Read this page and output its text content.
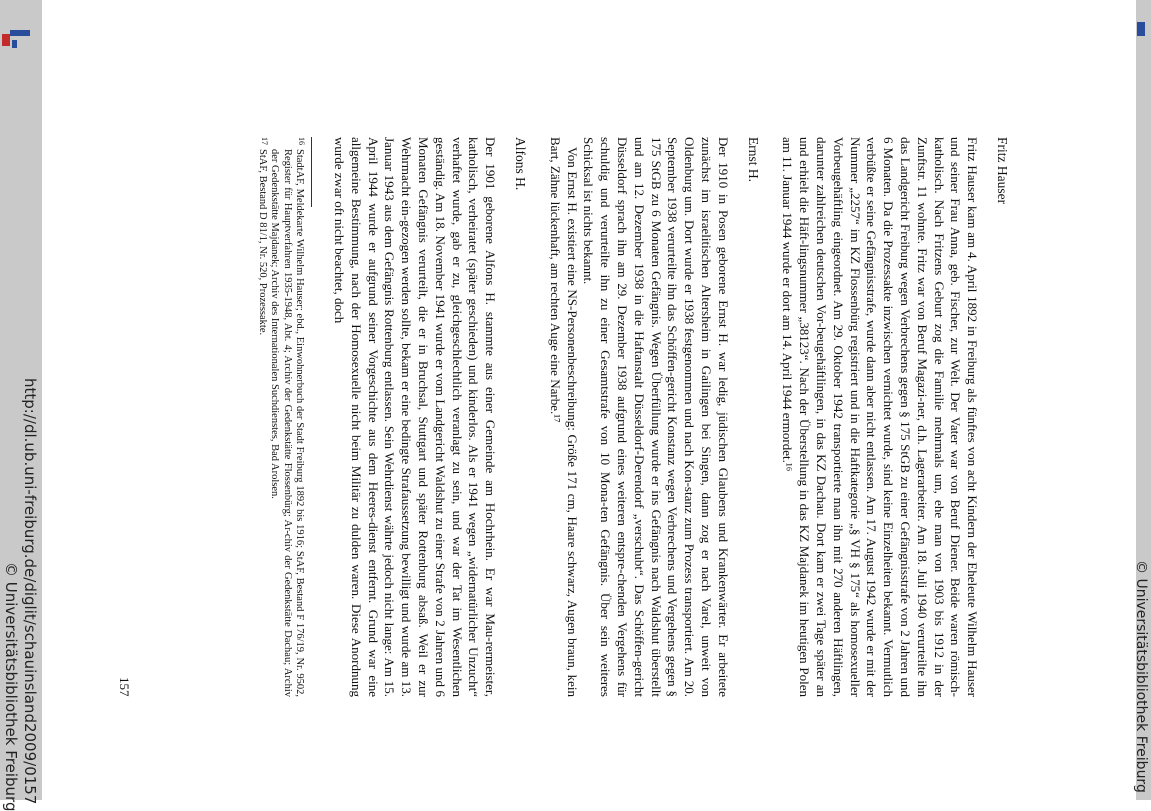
http://dl.ub.uni-freiburg.de/diglit/schauinsland2009/0157
© Universitätsbibliothek Freiburg	© Universitätsbibliothek Freiburg
Fritz Hauser

Fritz Hauser kam am 4. April 1892 in Freiburg als fünftes von acht Kindern der Eheleute Wilhelm Hauser und seiner Frau Anna, geb. Fischer, zur Welt. Der Vater war von Beruf Diener. Beide waren römisch-katholisch. Nach Fritzens Geburt zog die Familie mehrmals um, ehe man von 1903 bis 1912 in der Zunftstr. 11 wohnte. Fritz war von Beruf Magazi-ner, d.h. Lagerarbeiter. Am 18. Juli 1940 verurteilte ihn das Landgericht Freiburg wegen Verbrechens gegen § 175 StGB zu einer Gefängnisstrafe von 2 Jahren und 6 Monaten. Da die Prozessakte inzwischen vernichtet wurde, sind keine Einzelheiten bekannt. Vermutlich verbüßte er seine Gefängnisstrafe, wurde dann aber nicht entlassen. Am 17. August 1942 wurde er mit der Nummer „2257“ im KZ Flossenbürg registriert und in die Haftkategorie „§ VH § 175“ als homosexueller Vorbeugehäftling eingeordnet. Am 29. Oktober 1942 transportierte man ihn mit 270 anderen Häftlingen, darunter zahlreichen deutschen Vor-beugehäftlingen, in das KZ Dachau. Dort kam er zwei Tage später an und erhielt die Häft-lingsnummer „38123“. Nach der Überstellung in das KZ Majdanek im heutigen Polen am 11. Januar 1944 wurde er dort am 14. April 1944 ermordet.¹⁶

Ernst H.

Der 1910 in Posen geborene Ernst H. war ledig, jüdischen Glaubens und Krankenwärter. Er arbeitete zunächst im israelitischen Altersheim in Gailingen bei Singen, dann zog er nach Varel, unweit von Oldenburg um. Dort wurde er 1938 festgenommen und nach Kon-stanz zum Prozess transportiert. Am 20. September 1938 verurteilte ihn das Schöffen-gericht Konstanz wegen Verbrechens und Vergehens gegen § 175 StGB zu 6 Monaten Gefängnis. Wegen Überfüllung wurde er ins Gefängnis nach Waldshut überstellt und am 12. Dezember 1938 in die Haftanstalt Düsseldorf-Derendorf „verschubt“. Das Schöffen-gericht Düsseldorf sprach ihn am 29. Dezember 1938 aufgrund eines weiteren entspre-chenden Vergehens für schuldig und verurteilte ihn zu einer Gesamtstrafe von 10 Mona-ten Gefängnis. Über sein weiteres Schicksal ist nichts bekannt.

Von Ernst H. existiert eine NS-Personenbeschreibung: Größe 171 cm, Haare schwarz, Augen braun, kein Bart, Zähne lückenhaft, am rechten Auge eine Narbe.¹⁷

Alfons H.

Der 1901 geborene Alfons H. stammte aus einer Gemeinde am Hochrhein. Er war Mau-rermeister, katholisch, verheiratet (später geschieden) und kinderlos. Als er 1941 wegen „widernatürlicher Unzucht“ verhaftet wurde, gab er zu, gleichgeschlechtlich veranlagt zu sein, und war der Tat im Wesentlichen geständig. Am 18. November 1941 wurde er vom Landgericht Waldshut zu einer Strafe von 2 Jahren und 6 Monaten Gefängnis verurteilt, die er in Bruchsal, Stuttgart und später Rottenburg absaß. Weil er zur Wehrmacht ein-gezogen werden sollte, bekam er eine bedingte Strafaussetzung bewilligt und wurde am 13. Januar 1943 aus dem Gefängnis Rottenburg entlassen. Sein Wehrdienst währte jedoch nicht lange: Am 15. April 1944 wurde er aufgrund seiner Vorgeschichte aus dem Heeres-dienst entfernt. Grund war eine allgemeine Bestimmung, nach der Homosexuelle nicht beim Militär zu dulden waren. Diese Anordnung wurde zwar oft nicht beachtet, doch

16
StadtAF, Meldekarte Wilhelm Hauser; ebd., Einwohnerbuch der Stadt Freiburg 1892 bis 1916; StAF, Bestand F 176/19, Nr. 9502, Register für Hauptverfahren 1935-1948, Abt. 4; Archiv der Gedenkstätte Flossenbürg; Ar-chiv der Gedenkstätte Dachau; Archiv der Gedenkstätte Majdanek; Archiv des Internationalen Suchdienstes, Bad Arolsen.
17
StAF, Bestand D 81/1, Nr. 520, Prozessakte.
157
